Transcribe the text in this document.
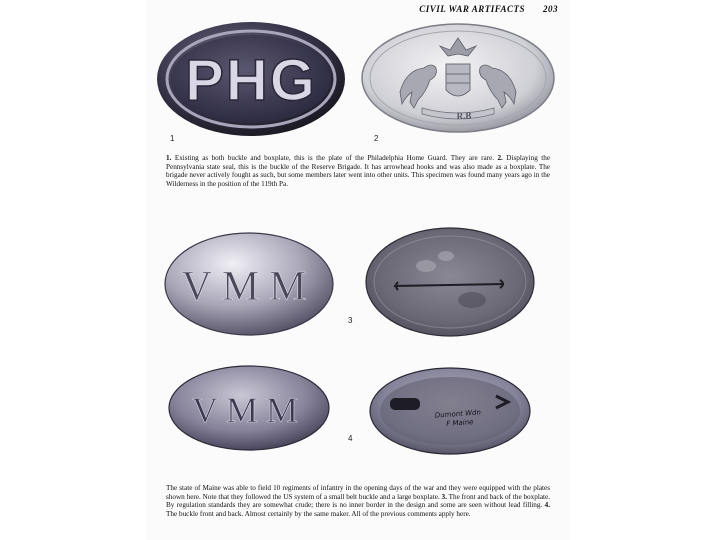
CIVIL WAR ARTIFACTS 203
PHG
1
R.B
2
1. Existing as both buckle and boxplate, this is the plate of the Philadelphia Home Guard. They are rare. 2. Displaying the Pennsylvania state seal, this is the buckle of the Reserve Brigade. It has arrowhead hooks and was also made as a boxplate. The brigade never actively fought as such, but some members later went into other units. This specimen was found many years ago in the Wilderness in the position of the 119th Pa.
VMM
3
VMM	Dumont Wdn
F Maine
4
The state of Maine was able to field 10 regiments of infantry in the opening days of the war and they were equipped with the plates shown here. Note that they followed the US system of a small belt buckle and a large boxplate. 3. The front and back of the boxplate. By regulation standards they are somewhat crude; there is no inner border in the design and some are seen without lead filling. 4. The buckle front and back. Almost certainly by the same maker. All of the previous comments apply here.
